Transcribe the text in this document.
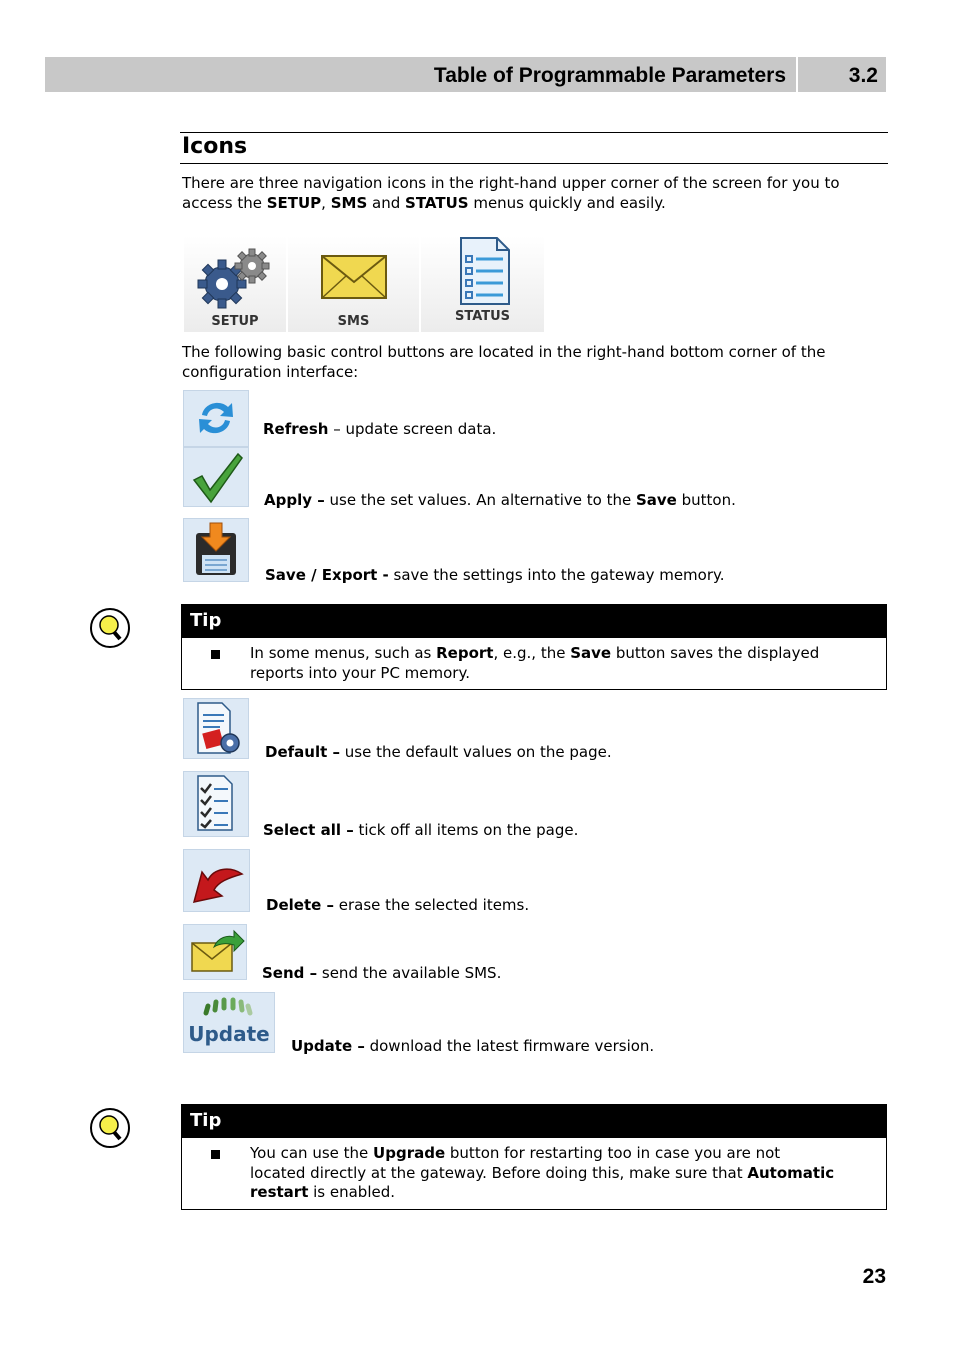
Table of Programmable Parameters	3.2
Icons
There are three navigation icons in the right-hand upper corner of the screen for you to access the SETUP, SMS and STATUS menus quickly and easily.
SETUP	SMS	STATUS
The following basic control buttons are located in the right-hand bottom corner of the configuration interface:
Refresh – update screen data.
Apply – use the set values. An alternative to the Save button.
Save / Export - save the settings into the gateway memory.
Tip
In some menus, such as Report, e.g., the Save button saves the displayed reports into your PC memory.
Default – use the default values on the page.
Select all – tick off all items on the page.
Delete – erase the selected items.
Send – send the available SMS.
Update Update – download the latest firmware version.
Tip
You can use the Upgrade button for restarting too in case you are not located directly at the gateway. Before doing this, make sure that Automatic restart is enabled.
23
